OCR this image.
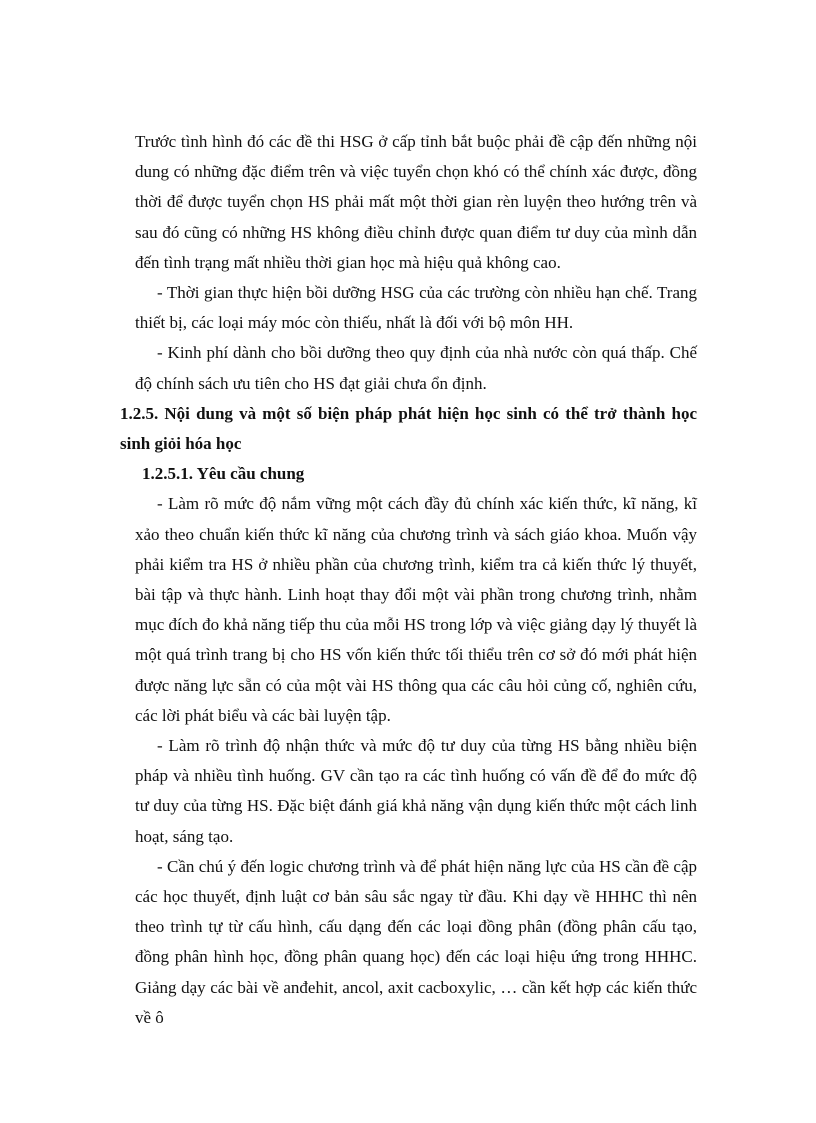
Trước tình hình đó các đề thi HSG ở cấp tỉnh bắt buộc phải đề cập đến những nội dung có những đặc điểm trên và việc tuyển chọn khó có thể chính xác được, đồng thời để được tuyển chọn HS phải mất một thời gian rèn luyện theo hướng trên và sau đó cũng có những HS không điều chỉnh được quan điểm tư duy của mình dẫn đến tình trạng mất nhiều thời gian học mà hiệu quả không cao.

- Thời gian thực hiện bồi dưỡng HSG của các trường còn nhiều hạn chế. Trang thiết bị, các loại máy móc còn thiếu, nhất là đối với bộ môn HH.

- Kinh phí dành cho bồi dưỡng theo quy định của nhà nước còn quá thấp. Chế độ chính sách ưu tiên cho HS đạt giải chưa ổn định.

1.2.5. Nội dung và một số biện pháp phát hiện học sinh có thể trở thành học sinh giỏi hóa học

1.2.5.1. Yêu cầu chung

- Làm rõ mức độ nắm vững một cách đầy đủ chính xác kiến thức, kĩ năng, kĩ xảo theo chuẩn kiến thức kĩ năng của chương trình và sách giáo khoa. Muốn vậy phải kiểm tra HS ở nhiều phần của chương trình, kiểm tra cả kiến thức lý thuyết, bài tập và thực hành. Linh hoạt thay đổi một vài phần trong chương trình, nhằm mục đích đo khả năng tiếp thu của mỗi HS trong lớp và việc giảng dạy lý thuyết là một quá trình trang bị cho HS vốn kiến thức tối thiểu trên cơ sở đó mới phát hiện được năng lực sẵn có của một vài HS thông qua các câu hỏi củng cố, nghiên cứu, các lời phát biểu và các bài luyện tập.

- Làm rõ trình độ nhận thức và mức độ tư duy của từng HS bằng nhiều biện pháp và nhiều tình huống. GV cần tạo ra các tình huống có vấn đề để đo mức độ tư duy của từng HS. Đặc biệt đánh giá khả năng vận dụng kiến thức một cách linh hoạt, sáng tạo.

- Cần chú ý đến logic chương trình và để phát hiện năng lực của HS cần đề cập các học thuyết, định luật cơ bản sâu sắc ngay từ đầu. Khi dạy về HHHC thì nên theo trình tự từ cấu hình, cấu dạng đến các loại đồng phân (đồng phân cấu tạo, đồng phân hình học, đồng phân quang học) đến các loại hiệu ứng trong HHHC. Giảng dạy các bài về anđehit, ancol, axit cacboxylic, … cần kết hợp các kiến thức về ô
